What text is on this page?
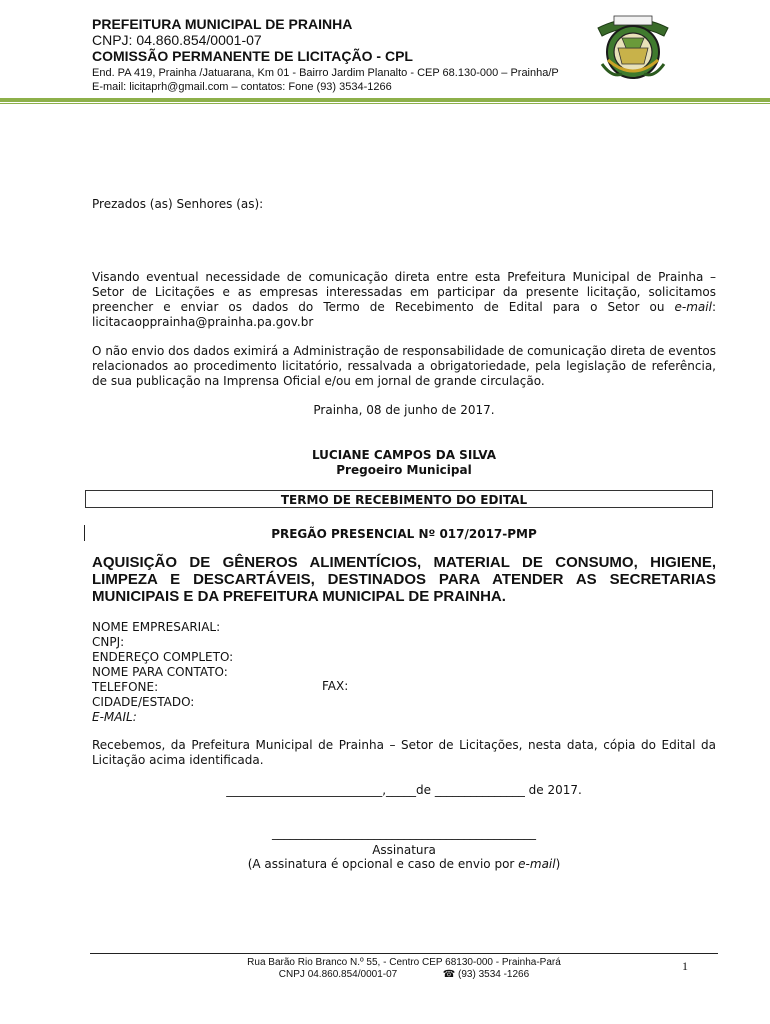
PREFEITURA MUNICIPAL DE PRAINHA
CNPJ: 04.860.854/0001-07
COMISSÃO PERMANENTE DE LICITAÇÃO - CPL
End. PA 419, Prainha /Jatuarana, Km 01 - Bairro Jardim Planalto - CEP 68.130-000 – Prainha/P
E-mail: licitaprh@gmail.com – contatos: Fone (93) 3534-1266
Prezados (as) Senhores (as):
Visando eventual necessidade de comunicação direta entre esta Prefeitura Municipal de Prainha – Setor de Licitações e as empresas interessadas em participar da presente licitação, solicitamos preencher e enviar os dados do Termo de Recebimento de Edital para o Setor ou e-mail: licitacaopprainha@prainha.pa.gov.br
O não envio dos dados eximirá a Administração de responsabilidade de comunicação direta de eventos relacionados ao procedimento licitatório, ressalvada a obrigatoriedade, pela legislação de referência, de sua publicação na Imprensa Oficial e/ou em jornal de grande circulação.
Prainha, 08 de junho de 2017.
LUCIANE CAMPOS DA SILVA
Pregoeiro Municipal
TERMO DE RECEBIMENTO DO EDITAL
PREGÃO PRESENCIAL Nº 017/2017-PMP
AQUISIÇÃO DE GÊNEROS ALIMENTÍCIOS, MATERIAL DE CONSUMO, HIGIENE, LIMPEZA E DESCARTÁVEIS, DESTINADOS PARA ATENDER AS SECRETARIAS MUNICIPAIS E DA PREFEITURA MUNICIPAL DE PRAINHA.
NOME EMPRESARIAL:
CNPJ:
ENDEREÇO COMPLETO:
NOME PARA CONTATO:
TELEFONE:
CIDADE/ESTADO:
E-MAIL:
FAX:
Recebemos, da Prefeitura Municipal de Prainha – Setor de Licitações, nesta data, cópia do Edital da Licitação acima identificada.
__________________________,_____de _______________ de 2017.
____________________________________________
Assinatura
(A assinatura é opcional e caso de envio por e-mail)
Rua Barão Rio Branco N.º 55, - Centro CEP 68130-000 - Prainha-Pará
CNPJ 04.860.854/0001-07	☎ (93) 3534 -1266
1
